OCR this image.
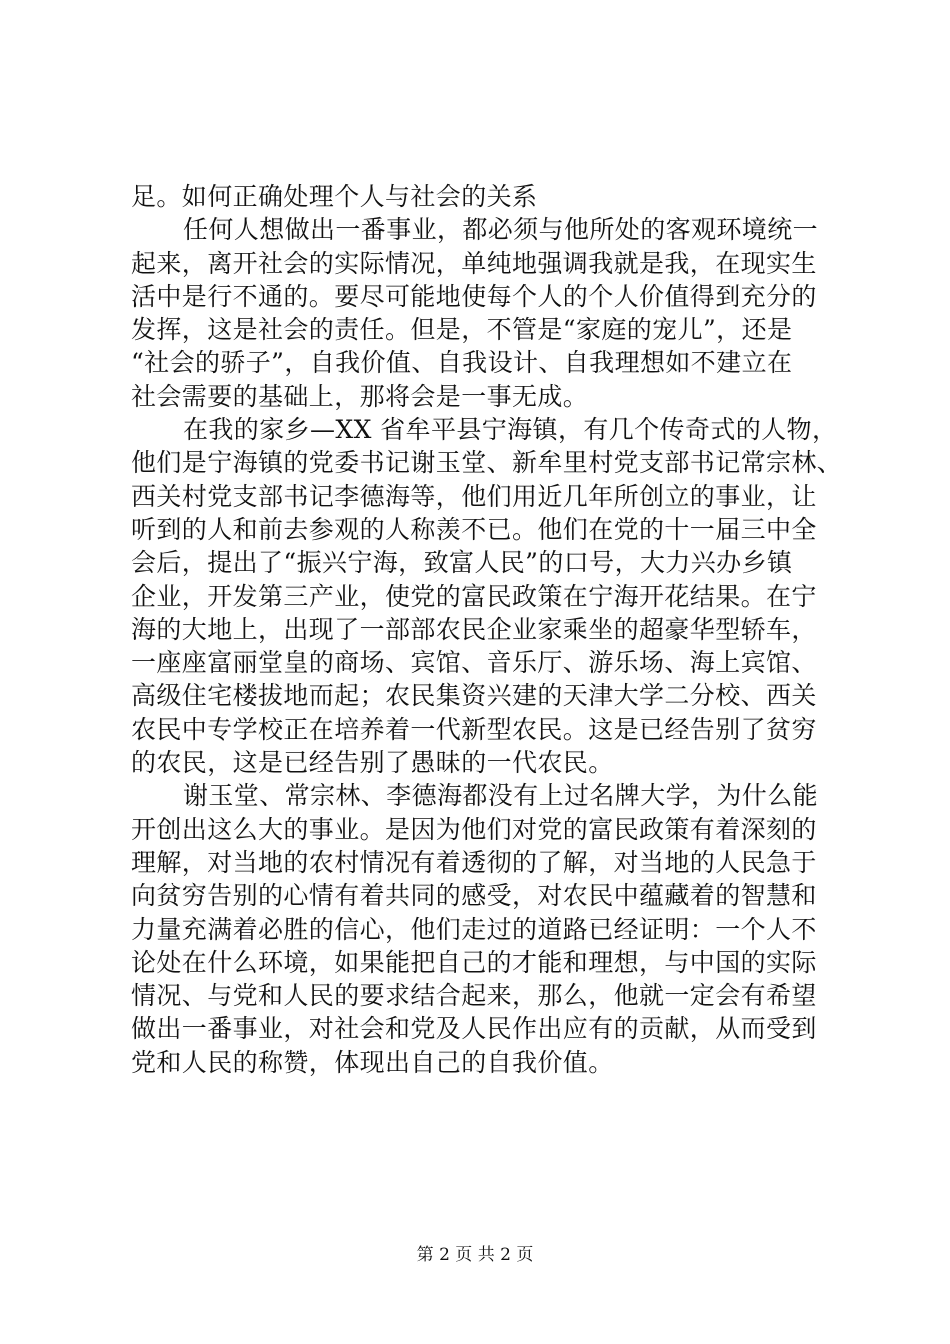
足。如何正确处理个人与社会的关系
任何人想做出一番事业，都必须与他所处的客观环境统一
起来，离开社会的实际情况，单纯地强调我就是我，在现实生
活中是行不通的。要尽可能地使每个人的个人价值得到充分的
发挥，这是社会的责任。但是，不管是“家庭的宠儿”，还是
“社会的骄子”，自我价值、自我设计、自我理想如不建立在
社会需要的基础上，那将会是一事无成。
在我的家乡—XX 省牟平县宁海镇，有几个传奇式的人物，
他们是宁海镇的党委书记谢玉堂、新牟里村党支部书记常宗林、
西关村党支部书记李德海等，他们用近几年所创立的事业，让
听到的人和前去参观的人称羡不已。他们在党的十一届三中全
会后，提出了“振兴宁海，致富人民”的口号，大力兴办乡镇
企业，开发第三产业，使党的富民政策在宁海开花结果。在宁
海的大地上，出现了一部部农民企业家乘坐的超豪华型轿车，
一座座富丽堂皇的商场、宾馆、音乐厅、游乐场、海上宾馆、
高级住宅楼拔地而起；农民集资兴建的天津大学二分校、西关
农民中专学校正在培养着一代新型农民。这是已经告别了贫穷
的农民，这是已经告别了愚昧的一代农民。
谢玉堂、常宗林、李德海都没有上过名牌大学，为什么能
开创出这么大的事业。是因为他们对党的富民政策有着深刻的
理解，对当地的农村情况有着透彻的了解，对当地的人民急于
向贫穷告别的心情有着共同的感受，对农民中蕴藏着的智慧和
力量充满着必胜的信心，他们走过的道路已经证明：一个人不
论处在什么环境，如果能把自己的才能和理想，与中国的实际
情况、与党和人民的要求结合起来，那么，他就一定会有希望
做出一番事业，对社会和党及人民作出应有的贡献，从而受到
党和人民的称赞，体现出自己的自我价值。
第 2 页 共 2 页
